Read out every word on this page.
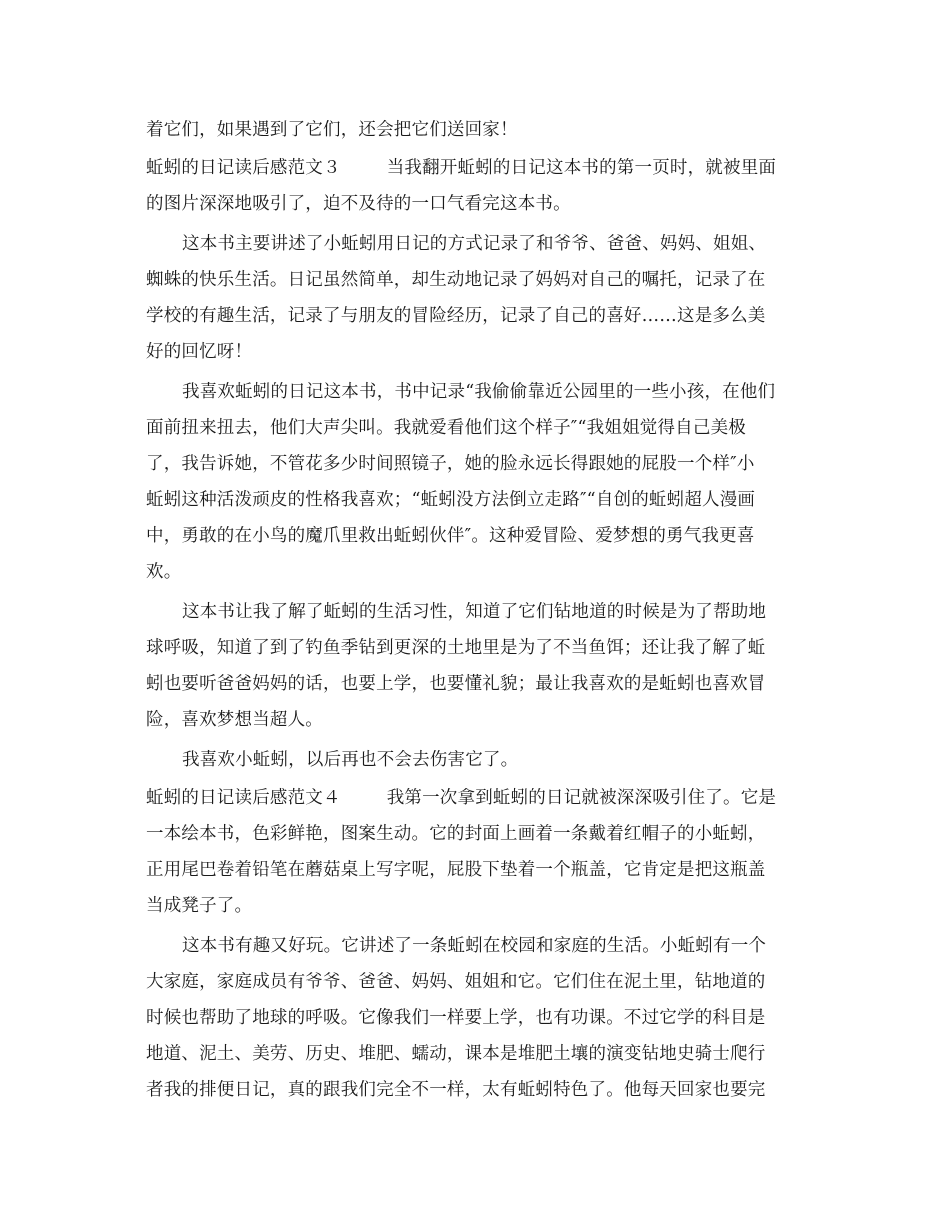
着它们，如果遇到了它们，还会把它们送回家！
蚯蚓的日记读后感范文３	当我翻开蚯蚓的日记这本书的第一页时，就被里面
的图片深深地吸引了，迫不及待的一口气看完这本书。
这本书主要讲述了小蚯蚓用日记的方式记录了和爷爷、爸爸、妈妈、姐姐、
蜘蛛的快乐生活。日记虽然简单，却生动地记录了妈妈对自己的嘱托，记录了在
学校的有趣生活，记录了与朋友的冒险经历，记录了自己的喜好……这是多么美
好的回忆呀！
我喜欢蚯蚓的日记这本书，书中记录“我偷偷靠近公园里的一些小孩，在他们
面前扭来扭去，他们大声尖叫。我就爱看他们这个样子″“我姐姐觉得自己美极
了，我告诉她，不管花多少时间照镜子，她的脸永远长得跟她的屁股一个样″小
蚯蚓这种活泼顽皮的性格我喜欢；“蚯蚓没方法倒立走路″“自创的蚯蚓超人漫画
中，勇敢的在小鸟的魔爪里救出蚯蚓伙伴″。这种爱冒险、爱梦想的勇气我更喜
欢。
这本书让我了解了蚯蚓的生活习性，知道了它们钻地道的时候是为了帮助地
球呼吸，知道了到了钓鱼季钻到更深的土地里是为了不当鱼饵；还让我了解了蚯
蚓也要听爸爸妈妈的话，也要上学，也要懂礼貌；最让我喜欢的是蚯蚓也喜欢冒
险，喜欢梦想当超人。
我喜欢小蚯蚓，以后再也不会去伤害它了。
蚯蚓的日记读后感范文４	我第一次拿到蚯蚓的日记就被深深吸引住了。它是
一本绘本书，色彩鲜艳，图案生动。它的封面上画着一条戴着红帽子的小蚯蚓，
正用尾巴卷着铅笔在蘑菇桌上写字呢，屁股下垫着一个瓶盖，它肯定是把这瓶盖
当成凳子了。
这本书有趣又好玩。它讲述了一条蚯蚓在校园和家庭的生活。小蚯蚓有一个
大家庭，家庭成员有爷爷、爸爸、妈妈、姐姐和它。它们住在泥土里，钻地道的
时候也帮助了地球的呼吸。它像我们一样要上学，也有功课。不过它学的科目是
地道、泥土、美劳、历史、堆肥、蠕动，课本是堆肥土壤的演变钻地史骑士爬行
者我的排便日记，真的跟我们完全不一样，太有蚯蚓特色了。他每天回家也要完
